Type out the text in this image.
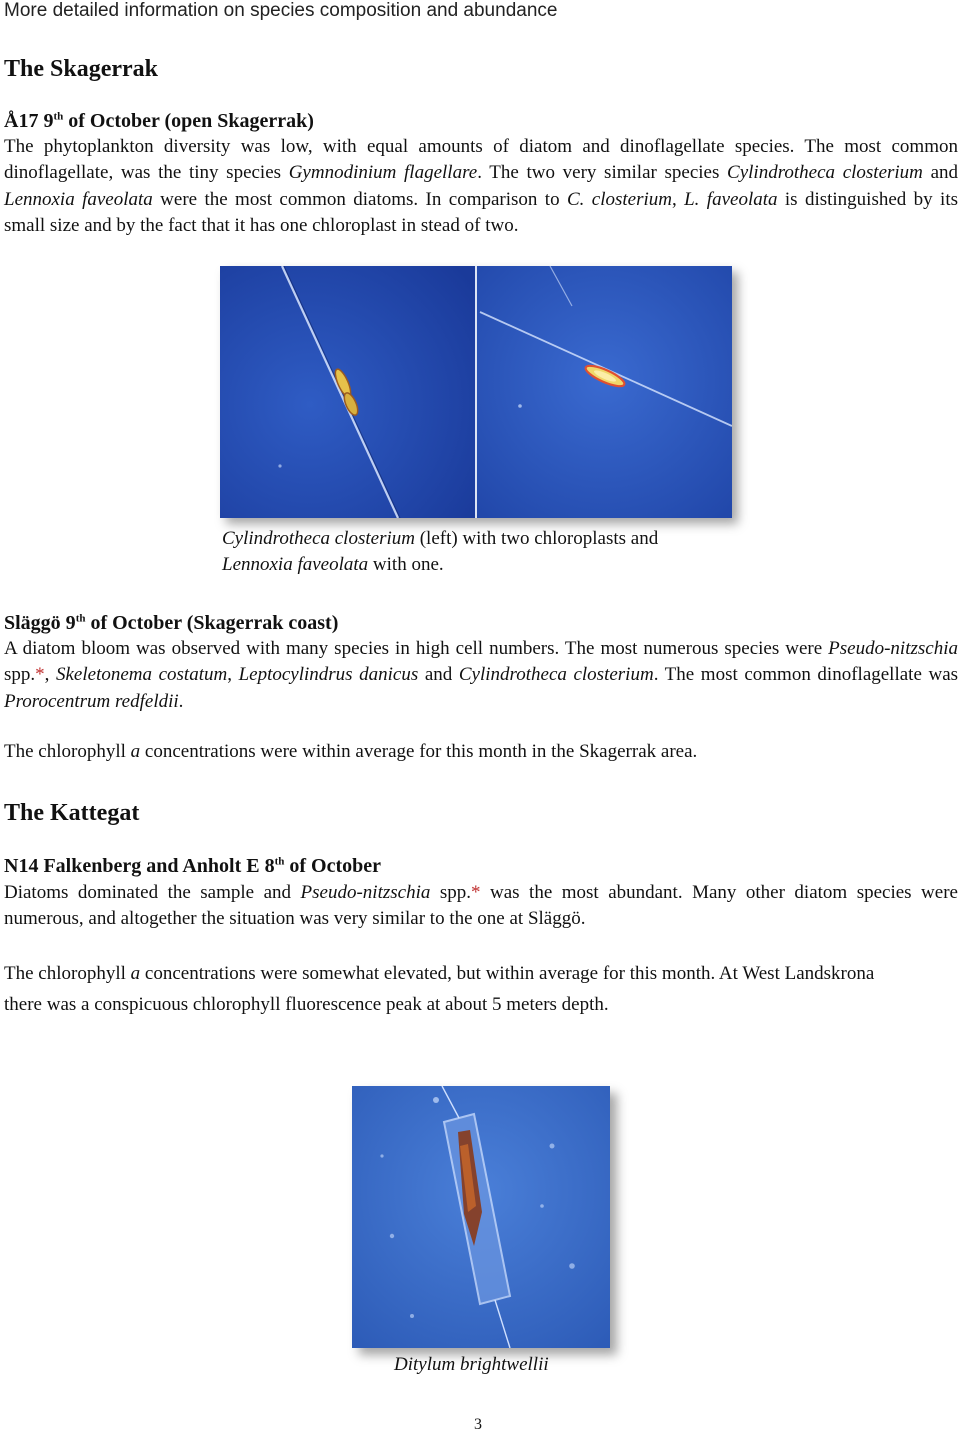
More detailed information on species composition and abundance
The Skagerrak
Å17 9th of October (open Skagerrak)
The phytoplankton diversity was low, with equal amounts of diatom and dinoflagellate species. The most common dinoflagellate, was the tiny species Gymnodinium flagellare. The two very similar species Cylindrotheca closterium and Lennoxia faveolata were the most common diatoms. In comparison to C. closterium, L. faveolata is distinguished by its small size and by the fact that it has one chloroplast in stead of two.
Cylindrotheca closterium (left) with two chloroplasts and
Lennoxia faveolata with one.
Släggö 9th of October (Skagerrak coast)
A diatom bloom was observed with many species in high cell numbers. The most numerous species were Pseudo-nitzschia spp.*, Skeletonema costatum, Leptocylindrus danicus and Cylindrotheca closterium. The most common dinoflagellate was Prorocentrum redfeldii.
The chlorophyll a concentrations were within average for this month in the Skagerrak area.
The Kattegat
N14 Falkenberg and Anholt E 8th of October
Diatoms dominated the sample and Pseudo-nitzschia spp.* was the most abundant. Many other diatom species were numerous, and altogether the situation was very similar to the one at Släggö.
The chlorophyll a concentrations were somewhat elevated, but within average for this month. At West Landskrona
there was a conspicuous chlorophyll fluorescence peak at about 5 meters depth.
Ditylum brightwellii
3
